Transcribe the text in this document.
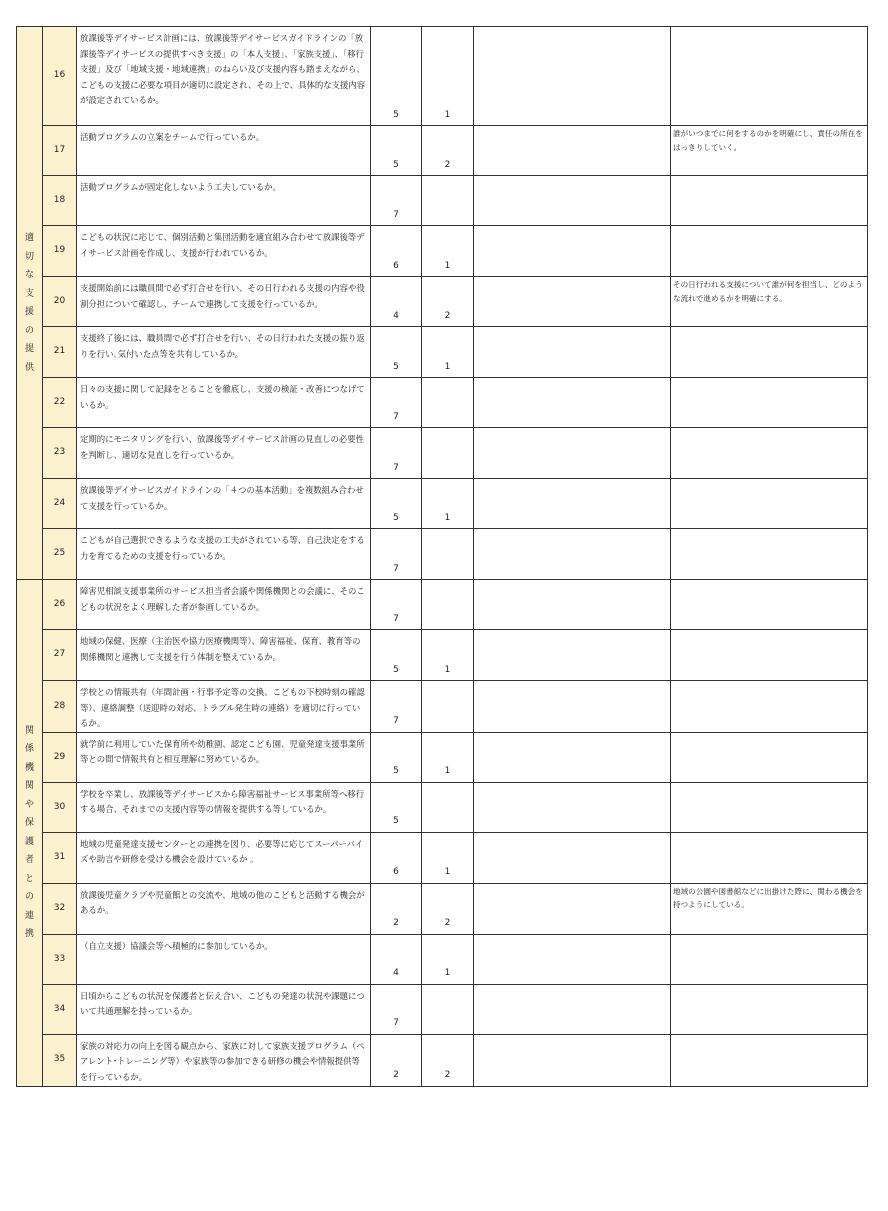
適切な支援の提供	16	放課後等デイサービス計画には、放課後等デイサービスガイドラインの「放課後等デイサービスの提供すべき支援」の「本人支援」、「家族支援」、「移行支援」及び「地域支援・地域連携」のねらい及び支援内容も踏まえながら、こどもの支援に必要な項目が適切に設定され、その上で、具体的な支援内容が設定されているか。	5	1		
	17	活動プログラムの立案をチームで行っているか。	5	2		誰がいつまでに何をするのかを明確にし、責任の所在をはっきりしていく。
	18	活動プログラムが固定化しないよう工夫しているか。	7			
	19	こどもの状況に応じて、個別活動と集団活動を適宜組み合わせて放課後等デイサービス計画を作成し、支援が行われているか。	6	1		
	20	支援開始前には職員間で必ず打合せを行い、その日行われる支援の内容や役割分担について確認し、チームで連携して支援を行っているか。	4	2		その日行われる支援について誰が何を担当し、どのような流れで進めるかを明確にする。
	21	支援終了後には、職員間で必ず打合せを行い、その日行われた支援の振り返りを行い､気付いた点等を共有しているか。	5	1		
	22	日々の支援に関して記録をとることを徹底し、支援の検証・改善につなげているか。	7			
	23	定期的にモニタリングを行い、放課後等デイサービス計画の見直しの必要性を判断し、適切な見直しを行っているか。	7			
	24	放課後等デイサービスガイドラインの「４つの基本活動」を複数組み合わせて支援を行っているか。	5	1		
	25	こどもが自己選択できるような支援の工夫がされている等、自己決定をする力を育てるための支援を行っているか。	7			
関係機関や保護者との連携	26	障害児相談支援事業所のサービス担当者会議や関係機関との会議に、そのこどもの状況をよく理解した者が参画しているか。	7			
	27	地域の保健、医療（主治医や協力医療機関等）、障害福祉、保育、教育等の関係機関と連携して支援を行う体制を整えているか。	5	1		
	28	学校との情報共有（年間計画・行事予定等の交換、こどもの下校時刻の確認等）、連絡調整（送迎時の対応、トラブル発生時の連絡）を適切に行っているか。	7			
	29	就学前に利用していた保育所や幼稚園、認定こども園、児童発達支援事業所等との間で情報共有と相互理解に努めているか。	5	1		
	30	学校を卒業し、放課後等デイサービスから障害福祉サービス事業所等へ移行する場合、それまでの支援内容等の情報を提供する等しているか。	5			
	31	地域の児童発達支援センターとの連携を図り、必要等に応じてスーパーバイズや助言や研修を受ける機会を設けているか 。	6	1		
	32	放課後児童クラブや児童館との交流や、地域の他のこどもと活動する機会があるか。	2	2		地域の公園や図書館などに出掛けた際に、関わる機会を持つようにしている。
	33	（自立支援）協議会等へ積極的に参加しているか。	4	1		
	34	日頃からこどもの状況を保護者と伝え合い、こどもの発達の状況や課題について共通理解を持っているか。	7			
	35	家族の対応力の向上を図る観点から、家族に対して家族支援プログラム（ペアレント･トレーニング等）や家族等の参加できる研修の機会や情報提供等を行っているか。	2	2		
